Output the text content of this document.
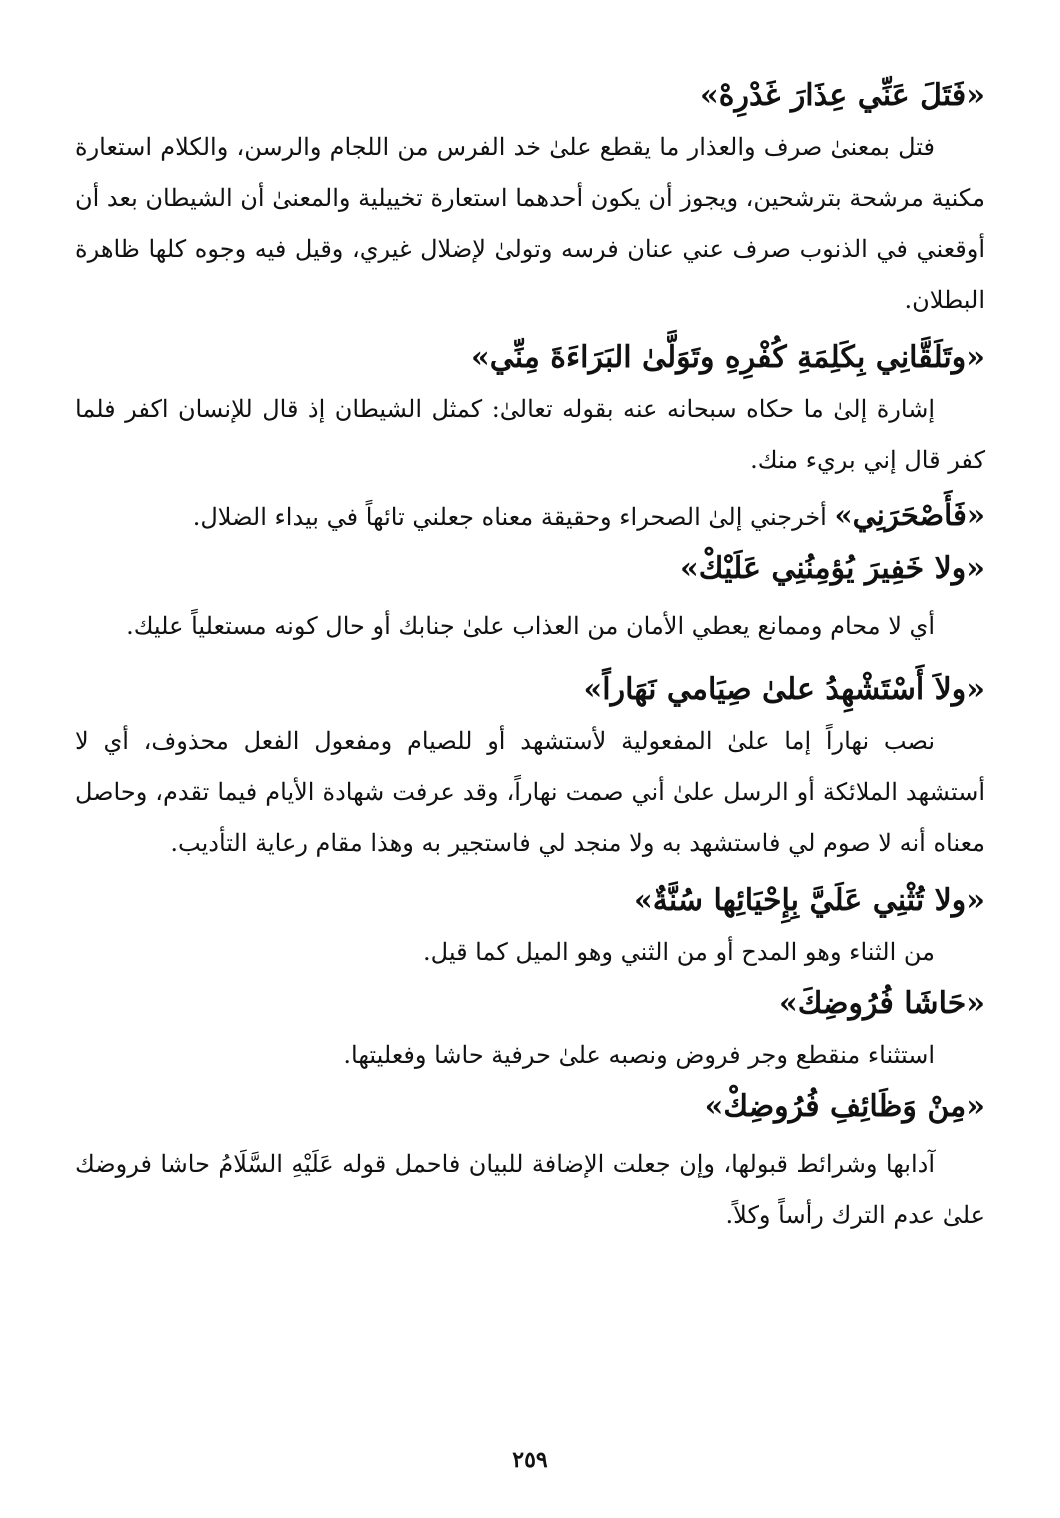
«فَتَلَ عَنِّي عِذَارَ غَدْرِهْ»

فتل بمعنىٰ صرف والعذار ما يقطع علىٰ خد الفرس من اللجام والرسن، والكلام استعارة مكنية مرشحة بترشحين، ويجوز أن يكون أحدهما استعارة تخييلية والمعنىٰ أن الشيطان بعد أن أوقعني في الذنوب صرف عني عنان فرسه وتولىٰ لإضلال غيري، وقيل فيه وجوه كلها ظاهرة البطلان.

«وتَلَقَّانِي بِكَلِمَةِ كُفْرِهِ وتَوَلَّىٰ البَرَاءَةَ مِنِّي»

إشارة إلىٰ ما حكاه سبحانه عنه بقوله تعالىٰ: كمثل الشيطان إذ قال للإنسان اكفر فلما كفر قال إني بريء منك.

«فَأَصْحَرَنِي» أخرجني إلىٰ الصحراء وحقيقة معناه جعلني تائهاً في بيداء الضلال.

«ولا خَفِيرَ يُؤمِنُنِي عَلَيْكْ»

أي لا محام وممانع يعطي الأمان من العذاب علىٰ جنابك أو حال كونه مستعلياً عليك.

«ولاَ أَسْتَشْهِدُ علىٰ صِيَامي نَهَاراً»

نصب نهاراً إما علىٰ المفعولية لأستشهد أو للصيام ومفعول الفعل محذوف، أي لا أستشهد الملائكة أو الرسل علىٰ أني صمت نهاراً، وقد عرفت شهادة الأيام فيما تقدم، وحاصل معناه أنه لا صوم لي فاستشهد به ولا منجد لي فاستجير به وهذا مقام رعاية التأديب.

«ولا تُثْنِي عَلَيَّ بِإِحْيَائِها سُنَّةٌ»

من الثناء وهو المدح أو من الثني وهو الميل كما قيل.

«حَاشَا فُرُوضِكَ»

استثناء منقطع وجر فروض ونصبه علىٰ حرفية حاشا وفعليتها.

«مِنْ وَظَائِفِ فُرُوضِكْ»

آدابها وشرائط قبولها، وإن جعلت الإضافة للبيان فاحمل قوله عَلَيْهِ السَّلَامُ حاشا فروضك علىٰ عدم الترك رأساً وكلاً.

٢٥٩
